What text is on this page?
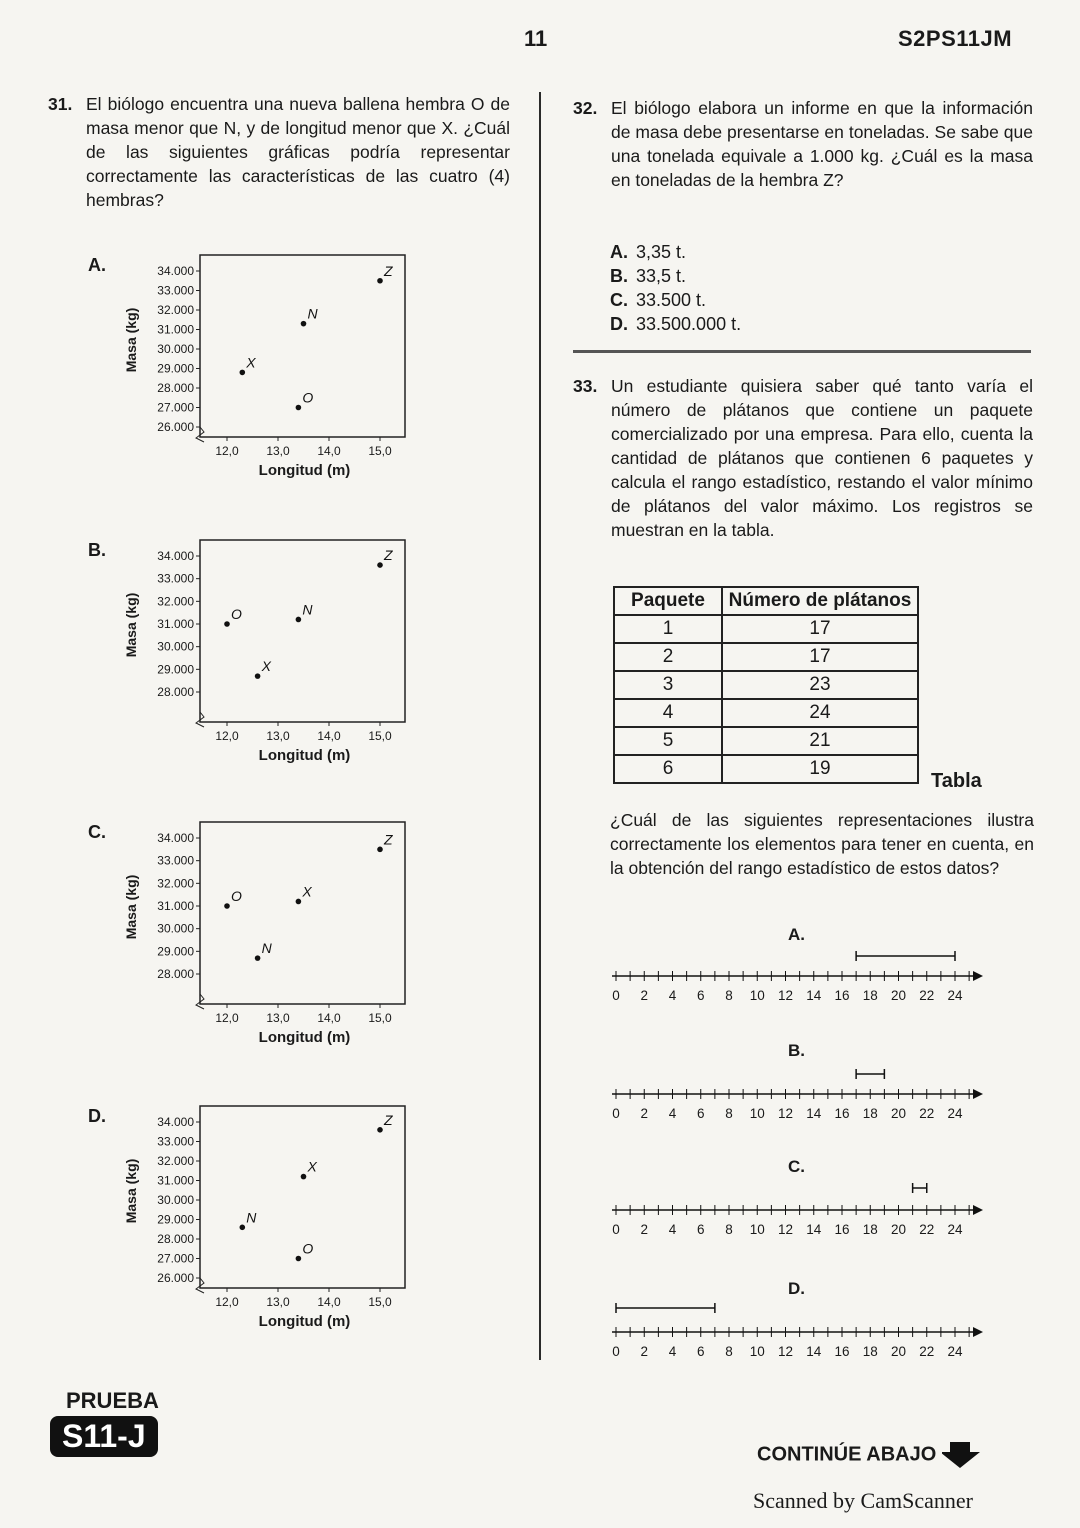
11	S2PS11JM
31. El biólogo encuentra una nueva ballena hembra O de masa menor que N, y de longitud menor que X. ¿Cuál de las siguientes gráficas podría representar correctamente las características de las cuatro (4) hembras?
34.000
33.000
32.000
31.000
30.000
29.000
28.000
27.000
26.000
12,0 13,0 14,0 15,0
Longitud (m)
Masa (kg)
Z
N
X
O
A.
34.000
33.000
32.000
31.000
30.000
29.000
28.000
12,0 13,0 14,0 15,0
Longitud (m)
Masa (kg)
Z
O	N
X
B.
34.000
33.000
32.000
31.000
30.000
29.000
28.000
12,0 13,0 14,0 15,0
Longitud (m)
Masa (kg)
Z
O	X
N
C.
34.000
33.000
32.000
31.000
30.000
29.000
28.000
27.000
26.000
12,0 13,0 14,0 15,0
Longitud (m)
Masa (kg)
Z
X
N
O
D.
32. El biólogo elabora un informe en que la información de masa debe presentarse en toneladas. Se sabe que una tonelada equivale a 1.000 kg. ¿Cuál es la masa en toneladas de la hembra Z?
A. 3,35 t.
B. 33,5 t.
C. 33.500 t.
D. 33.500.000 t.
33. Un estudiante quisiera saber qué tanto varía el número de plátanos que contiene un paquete comercializado por una empresa. Para ello, cuenta la cantidad de plátanos que contienen 6 paquetes y calcula el rango estadístico, restando el valor mínimo de plátanos del valor máximo. Los registros se muestran en la tabla.
Paquete	Número de plátanos
1	17
2	17
3	23
4	24
5	21
6	19
Tabla
¿Cuál de las siguientes representaciones ilustra correctamente los elementos para tener en cuenta, en la obtención del rango estadístico de estos datos?
A.
0 2 4 6 8 10 12 14 16 18 20 22 24
B.
0 2 4 6 8 10 12 14 16 18 20 22 24
C.
0 2 4 6 8 10 12 14 16 18 20 22 24
D.
0 2 4 6 8 10 12 14 16 18 20 22 24
PRUEBA
S11-J
CONTINÚE ABAJO
Scanned by CamScanner
